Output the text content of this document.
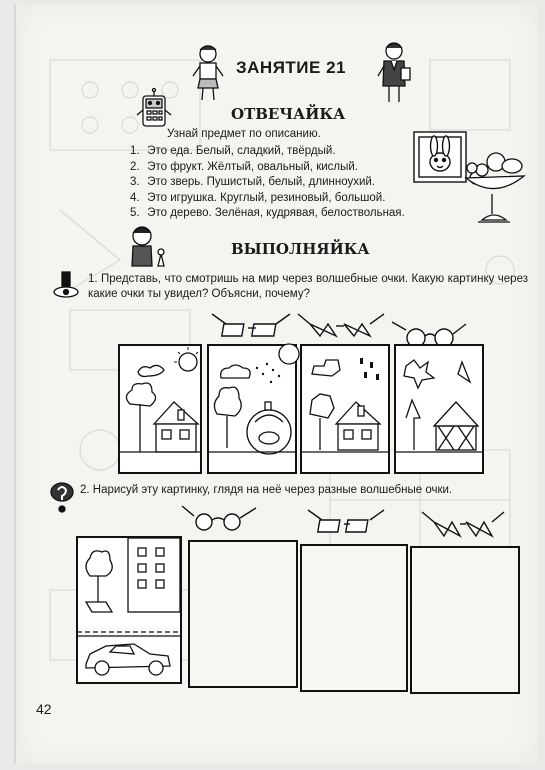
ЗАНЯТИЕ 21
ОТВЕЧАЙКА

Узнай предмет по описанию.

1. Это еда. Белый, сладкий, твёрдый.
2. Это фрукт. Жёлтый, овальный, кислый.
3. Это зверь. Пушистый, белый, длинноухий.
4. Это игрушка. Круглый, резиновый, большой.
5. Это дерево. Зелёная, кудрявая, белоствольная.
ВЫПОЛНЯЙКА

1. Представь, что смотришь на мир через волшебные очки. Какую картинку через какие очки ты увидел? Объясни, почему?

2. Нарисуй эту картинку, глядя на неё через разные волшебные очки.

42
